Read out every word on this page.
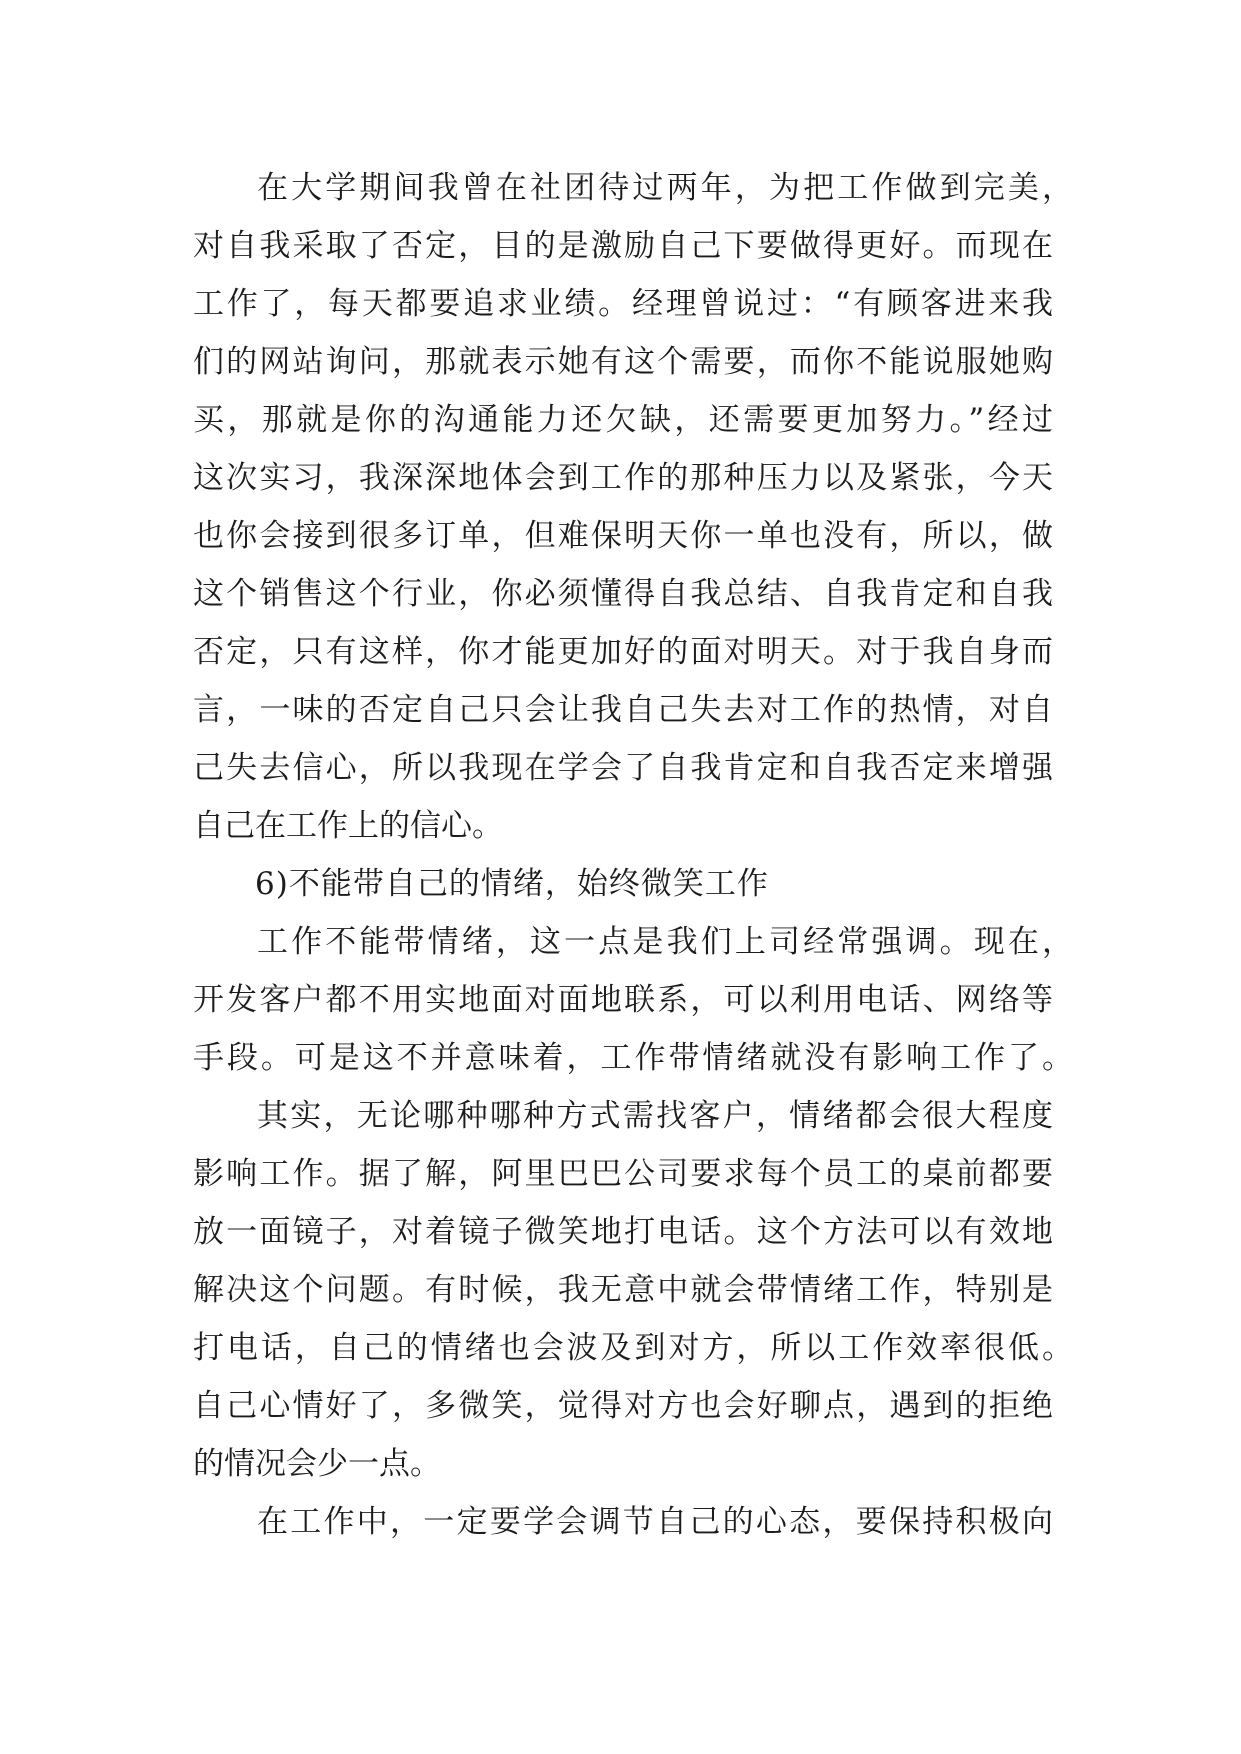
在大学期间我曾在社团待过两年，为把工作做到完美，
对自我采取了否定，目的是激励自己下要做得更好。而现在
工作了，每天都要追求业绩。经理曾说过：“有顾客进来我
们的网站询问，那就表示她有这个需要，而你不能说服她购
买，那就是你的沟通能力还欠缺，还需要更加努力。”经过
这次实习，我深深地体会到工作的那种压力以及紧张，今天
也你会接到很多订单，但难保明天你一单也没有，所以，做
这个销售这个行业，你必须懂得自我总结、自我肯定和自我
否定，只有这样，你才能更加好的面对明天。对于我自身而
言，一味的否定自己只会让我自己失去对工作的热情，对自
己失去信心，所以我现在学会了自我肯定和自我否定来增强
自己在工作上的信心。
6)不能带自己的情绪，始终微笑工作
工作不能带情绪，这一点是我们上司经常强调。现在，
开发客户都不用实地面对面地联系，可以利用电话、网络等
手段。可是这不并意味着，工作带情绪就没有影响工作了。
其实，无论哪种哪种方式需找客户，情绪都会很大程度
影响工作。据了解，阿里巴巴公司要求每个员工的桌前都要
放一面镜子，对着镜子微笑地打电话。这个方法可以有效地
解决这个问题。有时候，我无意中就会带情绪工作，特别是
打电话，自己的情绪也会波及到对方，所以工作效率很低。
自己心情好了，多微笑，觉得对方也会好聊点，遇到的拒绝
的情况会少一点。
在工作中，一定要学会调节自己的心态，要保持积极向
